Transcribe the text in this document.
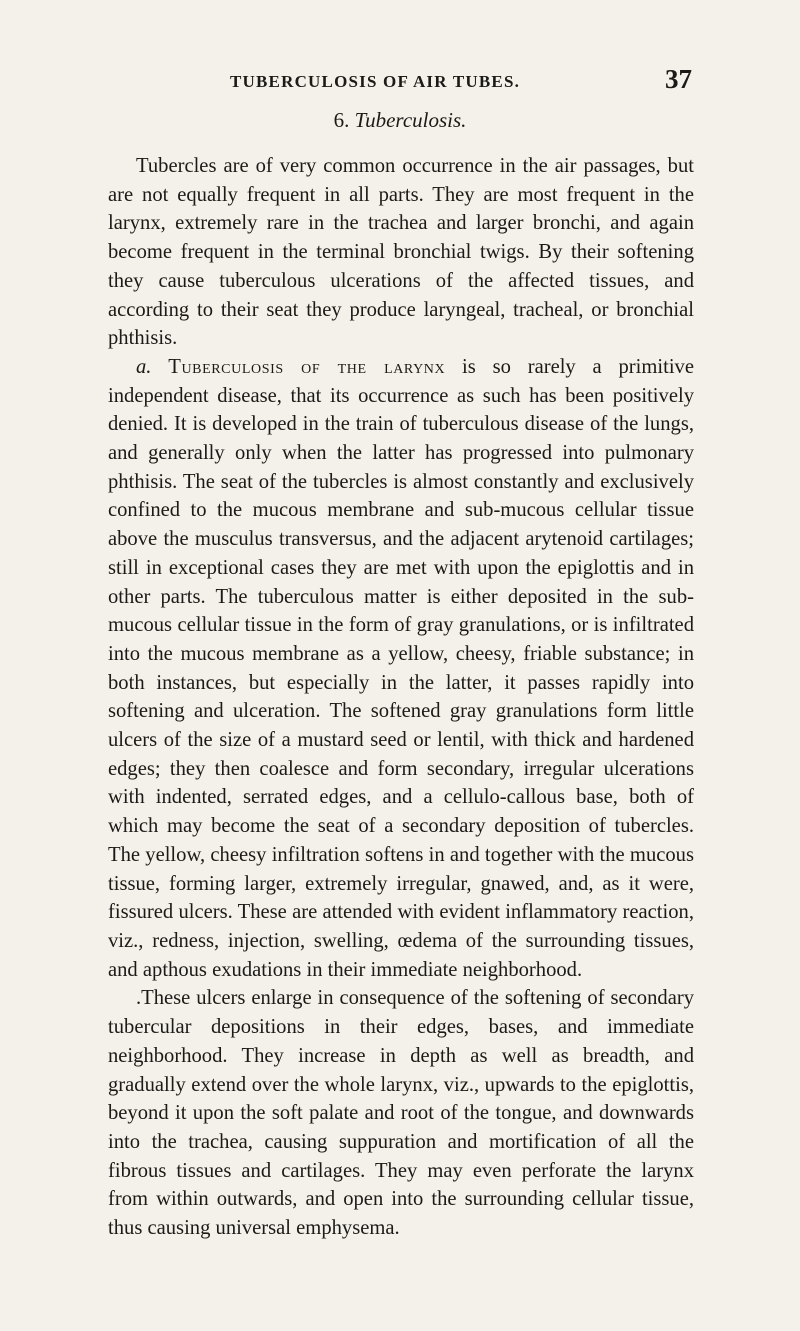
TUBERCULOSIS OF AIR TUBES.	37
6. Tuberculosis.

Tubercles are of very common occurrence in the air passages, but are not equally frequent in all parts. They are most frequent in the larynx, extremely rare in the trachea and larger bronchi, and again become frequent in the terminal bronchial twigs. By their softening they cause tuberculous ulcerations of the affected tissues, and according to their seat they produce laryngeal, tracheal, or bronchial phthisis.

a. Tuberculosis of the larynx is so rarely a primitive independent disease, that its occurrence as such has been positively denied. It is developed in the train of tuberculous disease of the lungs, and generally only when the latter has progressed into pulmonary phthisis. The seat of the tubercles is almost constantly and exclusively confined to the mucous membrane and sub-mucous cellular tissue above the musculus transversus, and the adjacent arytenoid cartilages; still in exceptional cases they are met with upon the epiglottis and in other parts. The tuberculous matter is either deposited in the sub-mucous cellular tissue in the form of gray granulations, or is infiltrated into the mucous membrane as a yellow, cheesy, friable substance; in both instances, but especially in the latter, it passes rapidly into softening and ulceration. The softened gray granulations form little ulcers of the size of a mustard seed or lentil, with thick and hardened edges; they then coalesce and form secondary, irregular ulcerations with indented, serrated edges, and a cellulo-callous base, both of which may become the seat of a secondary deposition of tubercles. The yellow, cheesy infiltration softens in and together with the mucous tissue, forming larger, extremely irregular, gnawed, and, as it were, fissured ulcers. These are attended with evident inflammatory reaction, viz., redness, injection, swelling, œdema of the surrounding tissues, and apthous exudations in their immediate neighborhood.

.These ulcers enlarge in consequence of the softening of secondary tubercular depositions in their edges, bases, and immediate neighborhood. They increase in depth as well as breadth, and gradually extend over the whole larynx, viz., upwards to the epiglottis, beyond it upon the soft palate and root of the tongue, and downwards into the trachea, causing suppuration and mortification of all the fibrous tissues and cartilages. They may even perforate the larynx from within outwards, and open into the surrounding cellular tissue, thus causing universal emphysema.
